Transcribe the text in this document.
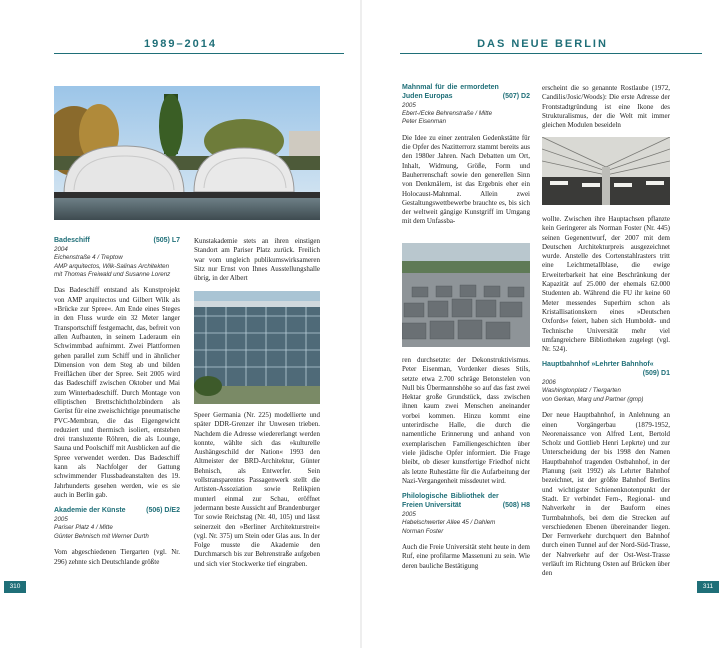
1989–2014
Badeschiff	(505) L7
2004
Eichenstraße 4 / Treptow
AMP arquitectos, Wilk-Salinas Architekten
mit Thomas Freiwald und Susanne Lorenz

Das Badeschiff entstand als Kunstprojekt von AMP arquitectos und Gilbert Wilk als »Brücke zur Spree«. Am Ende eines Steges in den Fluss wurde ein 32 Meter langer Transportschiff festgemacht, das, befreit von allen Aufbauten, in seinem Laderaum ein Schwimmbad aufnimmt. Zwei Plattformen gehen parallel zum Schiff und in ähnlicher Dimension von dem Steg ab und bilden Freiflächen über der Spree. Seit 2005 wird das Badeschiff zwischen Oktober und Mai zum Winterbadeschiff. Durch Montage von elliptischen Brettschichtholzbindern als Gerüst für eine zweischichtige pneumatische PVC-Membran, die das Eigengewicht reduziert und thermisch isoliert, entstehen drei transluzente Röhren, die als Lounge, Sauna und Poolschiff mit Ausblicken auf die Spree verwendet werden. Das Badeschiff kann als Nachfolger der Gattung schwimmender Flussbadeanstalten des 19. Jahrhunderts gesehen werden, wie es sie auch in Berlin gab.

Akademie der Künste	(506) D/E2
2005
Pariser Platz 4 / Mitte
Günter Behnisch mit Werner Durth

Vom abgeschiedenen Tiergarten (vgl. Nr. 296) zehnte sich Deutschlande größte

Kunstakademie stets an ihren einstigen Standort am Pariser Platz zurück. Freilich war vom ungleich publikumswirksameren Sitz nur Ernst von Ihnes Ausstellungshalle übrig, in der Albert

Speer Germania (Nr. 225) modellierte und später DDR-Grenzer ihr Unwesen trieben. Nachdem die Adresse wiedererlangt werden konnte, wählte sich das »kulturelle Aushängeschild der Nation« 1993 den Altmeister der BRD-Architektur, Günter Behnisch, als Entwerfer. Sein vollstransparentes Passagenwerk stellt die Artisten-Assoziation sowie Relikpien munterl einmal zur Schau, eröffnet jedermann beste Aussicht auf Brandenburger Tor sowie Reichstag (Nr. 40, 105) und lässt seinerzeit den »Berliner Architekturstreit« (vgl. Nr. 375) um Stein oder Glas aus. In der Folge musste die Akademie den Durchmarsch bis zur Behrenstraße aufgeben und sich vier Stockwerke tief eingraben.

310
DAS NEUE BERLIN
Mahnmal für die ermordeten Juden Europas	(507) D2
2005
Ebert-/Ecke Behrenstraße / Mitte
Peter Eisenman

Die Idee zu einer zentralen Gedenkstätte für die Opfer des Nazitterrorz stammt bereits aus den 1980er Jahren. Nach Debatten um Ort, Inhalt, Widmung, Größe, Form und Bauherrenschaft sowie den generellen Sinn von Denkmälern, ist das Ergebnis eher ein Holocaust-Mahnmal. Allein zwei Gestaltungswettbewerbe brauchte es, bis sich der weltweit gängige Kunstgriff im Umgang mit dem Unfassba-

ren durchsetzte: der Dekonstruktivismus. Peter Eisenman, Vordenker dieses Stils, setzte etwa 2.700 schräge Betonstelen von Null bis Übermannshöhe so auf das fast zwei Hektar große Grundstück, dass zwischen ihnen kaum zwei Menschen aneinander vorbei kommen. Hinzu kommt eine unterirdische Halle, die durch die namentliche Erinnerung und anhand von exemplarischen Familiengeschichten über viele jüdische Opfer informiert. Die Frage bleibt, ob dieser kunstfertige Friedhof nicht als letzte Ruhestätte für die Aufarbeitung der Nazi-Vergangenheit missdeutet wird.

Philologische Bibliothek der Freien Universität	(508) H8
2005
Habelschwerter Allee 45 / Dahlem
Norman Foster

Auch die Freie Universität steht heute in dem Ruf, eine profilarme Massenuni zu sein. Wie deren bauliche Bestätigung

erscheint die so genannte Rostlaube (1972, Candilis/Josic/Woods): Die erste Adresse der Frontstadtgründung ist eine Ikone des Strukturalismus, der die Welt mit immer gleichen Modulen beseideln

wollte. Zwischen ihre Hauptachsen pflanzte kein Geringerer als Norman Foster (Nr. 445) seinen Gegenentwurf, der 2007 mit dem Deutschen Architekturpreis ausgezeichnet wurde. Anstelle des Cortenstahlrasters tritt eine Leichtmetallblase, die ewige Erweiterbarkeit hat eine Beschränkung der Kapazität auf 25.000 der ehemals 62.000 Studenten ab. Während die FU ihr keine 60 Meter messendes Superhirn schon als Kristallisationskern eines »Deutschen Oxfords« feiert, haben sich Humboldt- und Technische Universität mehr viel umfangreichere Bibliotheken zugelegt (vgl. Nr. 524).

Hauptbahnhof »Lehrter Bahnhof«
(509) D1
2006
Washingtonplatz / Tiergarten
von Gerkan, Marg und Partner (gmp)

Der neue Hauptbahnhof, in Anlehnung an einen Vorgängerbau (1879-1952, Neorenaissance von Alfred Lent, Bertold Scholz und Gottlieb Henri Lepkrte) und zur Unterscheidung der bis 1998 den Namen Hauptbahnhof tragenden Ostbahnhof, in der Planung (seit 1992) als Lehrter Bahnhof bezeichnet, ist der größte Bahnhof Berlins und wichtigster Schienenknotenpunkt der Stadt. Er verbindet Fern-, Regional- und Nahverkehr in der Bauform eines Turmbahnhofs, bei dem die Strecken auf verschiedenen Ebenen übereinander liegen. Der Fernverkehr durchquert den Bahnhof durch einen Tunnel auf der Nord-Süd-Trasse, der Nahverkehr auf der Ost-West-Trasse verläuft im Richtung Osten auf Brücken über den

311
